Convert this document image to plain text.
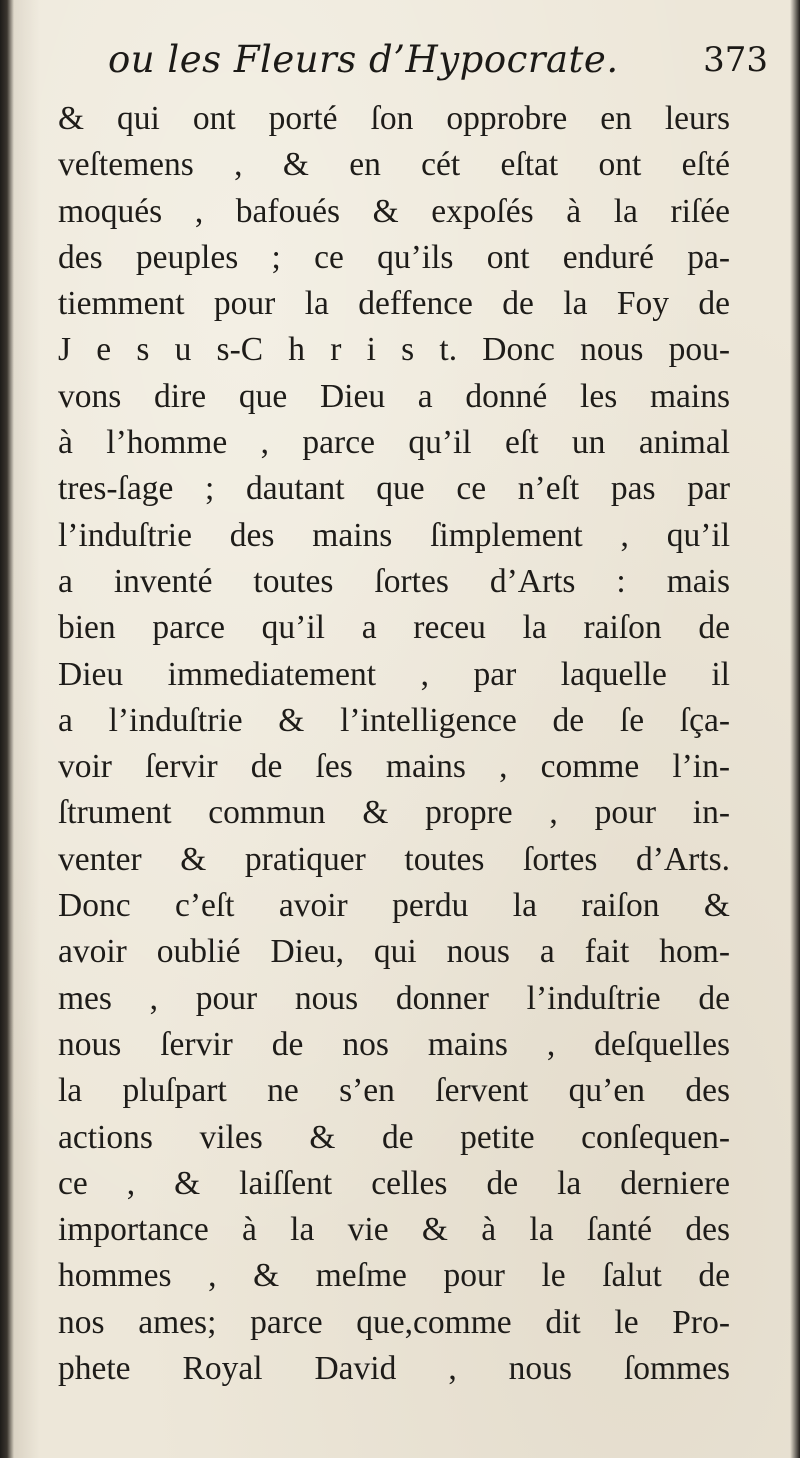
ou les Fleurs d’Hypocrate. 373
& qui ont porté ſon opprobre en leurs
veſtemens , & en cét eſtat ont eſté
moqués , bafoués & expoſés à la riſée
des peuples ; ce qu’ils ont enduré pa-
tiemment pour la deffence de la Foy de
J e s u s-C h r i s t. Donc nous pou-
vons dire que Dieu a donné les mains
à l’homme , parce qu’il eſt un animal
tres-ſage ; dautant que ce n’eſt pas par
l’induſtrie des mains ſimplement , qu’il
a inventé toutes ſortes d’Arts : mais
bien parce qu’il a receu la raiſon de
Dieu immediatement , par laquelle il
a l’induſtrie & l’intelligence de ſe ſça-
voir ſervir de ſes mains , comme l’in-
ſtrument commun & propre , pour in-
venter & pratiquer toutes ſortes d’Arts.
Donc c’eſt avoir perdu la raiſon &
avoir oublié Dieu, qui nous a fait hom-
mes , pour nous donner l’induſtrie de
nous ſervir de nos mains , deſquelles
la pluſpart ne s’en ſervent qu’en des
actions viles & de petite conſequen-
ce , & laiſſent celles de la derniere
importance à la vie & à la ſanté des
hommes , & meſme pour le ſalut de
nos ames; parce que,comme dit le Pro-
phete Royal David , nous ſommes
